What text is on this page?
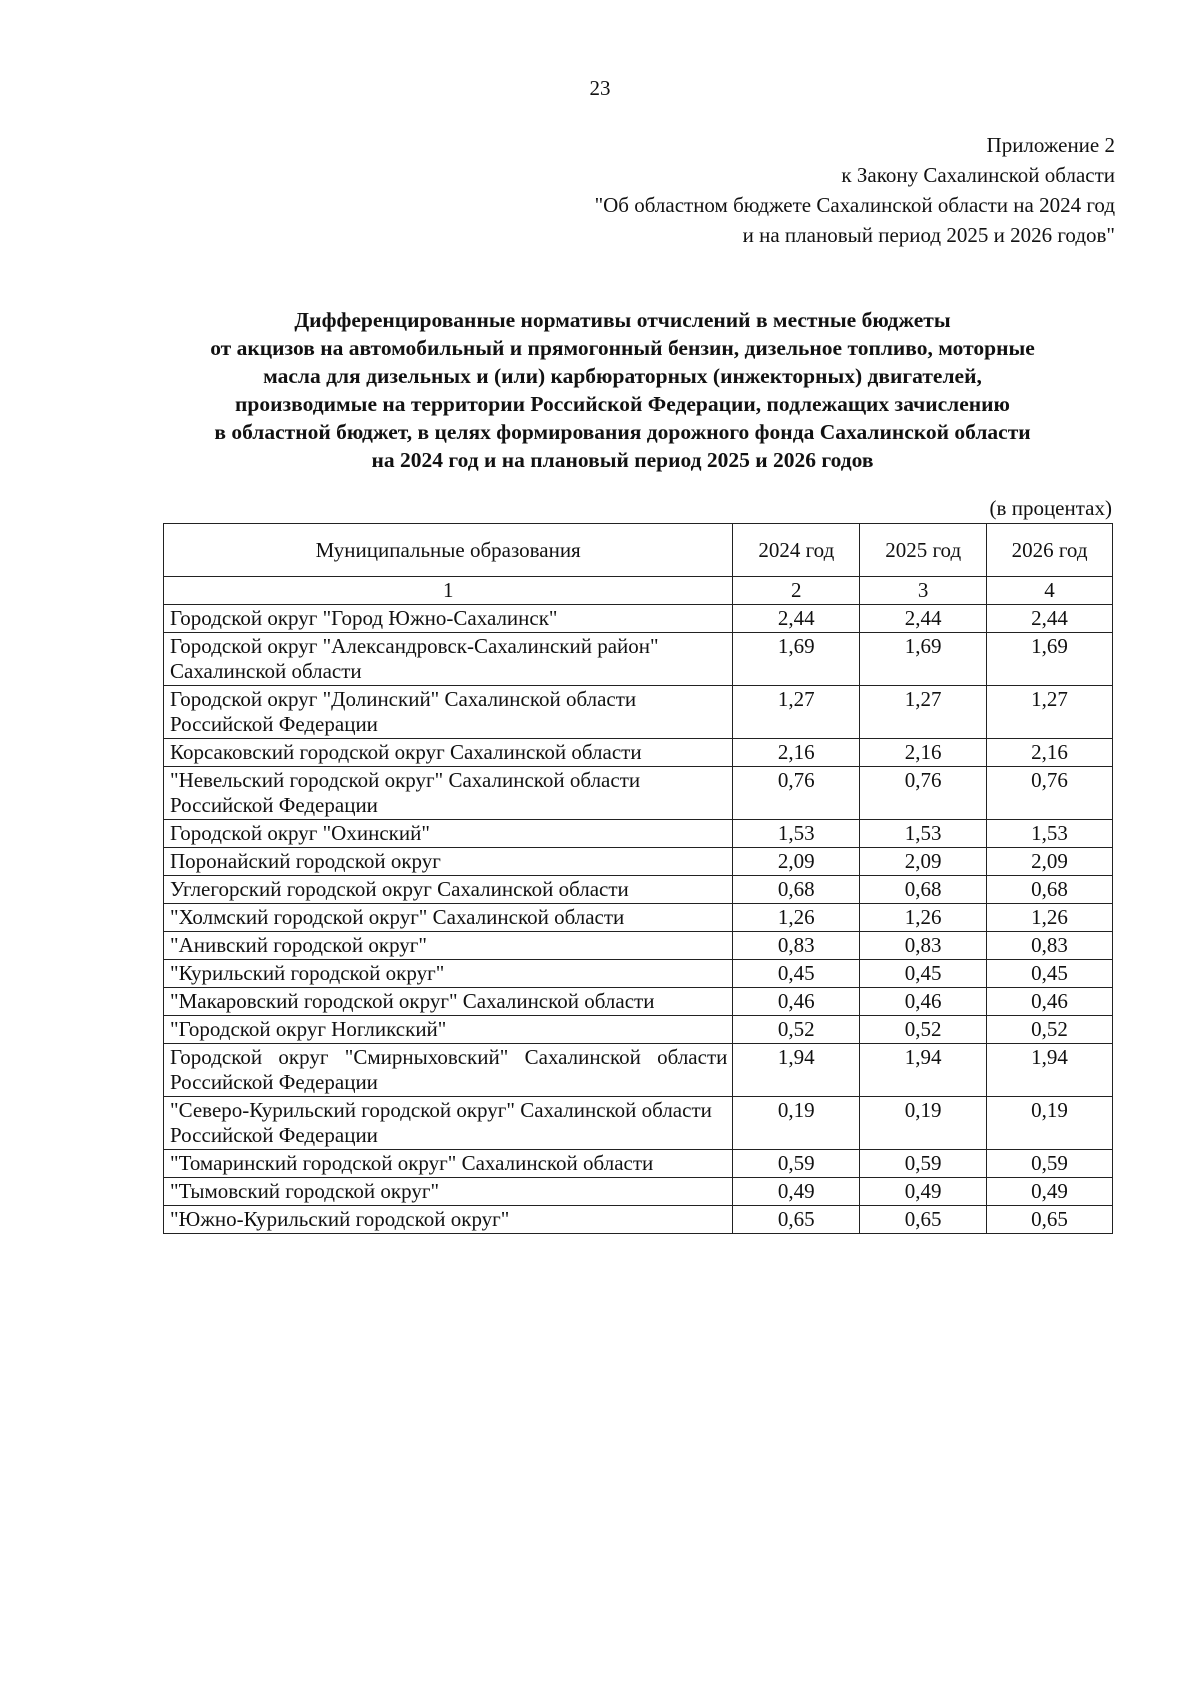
23
Приложение 2
к Закону Сахалинской области
"Об областном бюджете Сахалинской области на 2024 год
и на плановый период 2025 и 2026 годов"
Дифференцированные нормативы отчислений в местные бюджеты
от акцизов на автомобильный и прямогонный бензин, дизельное топливо, моторные
масла для дизельных и (или) карбюраторных (инжекторных) двигателей,
производимые на территории Российской Федерации, подлежащих зачислению
в областной бюджет, в целях формирования дорожного фонда Сахалинской области
на 2024 год и на плановый период 2025 и 2026 годов
(в процентах)
Муниципальные образования	2024 год	2025 год	2026 год
1	2	3	4
Городской округ "Город Южно-Сахалинск"	2,44	2,44	2,44
Городской округ "Александровск-Сахалинский район" Сахалинской области	1,69	1,69	1,69
Городской округ "Долинский" Сахалинской области Российской Федерации	1,27	1,27	1,27
Корсаковский городской округ Сахалинской области	2,16	2,16	2,16
"Невельский городской округ" Сахалинской области Российской Федерации	0,76	0,76	0,76
Городской округ "Охинский"	1,53	1,53	1,53
Поронайский городской округ	2,09	2,09	2,09
Углегорский городской округ Сахалинской области	0,68	0,68	0,68
"Холмский городской округ" Сахалинской области	1,26	1,26	1,26
"Анивский городской округ"	0,83	0,83	0,83
"Курильский городской округ"	0,45	0,45	0,45
"Макаровский городской округ" Сахалинской области	0,46	0,46	0,46
"Городской округ Ногликский"	0,52	0,52	0,52
Городской округ "Смирныховский" Сахалинской области Российской Федерации	1,94	1,94	1,94
"Северо-Курильский городской округ" Сахалинской области Российской Федерации	0,19	0,19	0,19
"Томаринский городской округ" Сахалинской области	0,59	0,59	0,59
"Тымовский городской округ"	0,49	0,49	0,49
"Южно-Курильский городской округ"	0,65	0,65	0,65
